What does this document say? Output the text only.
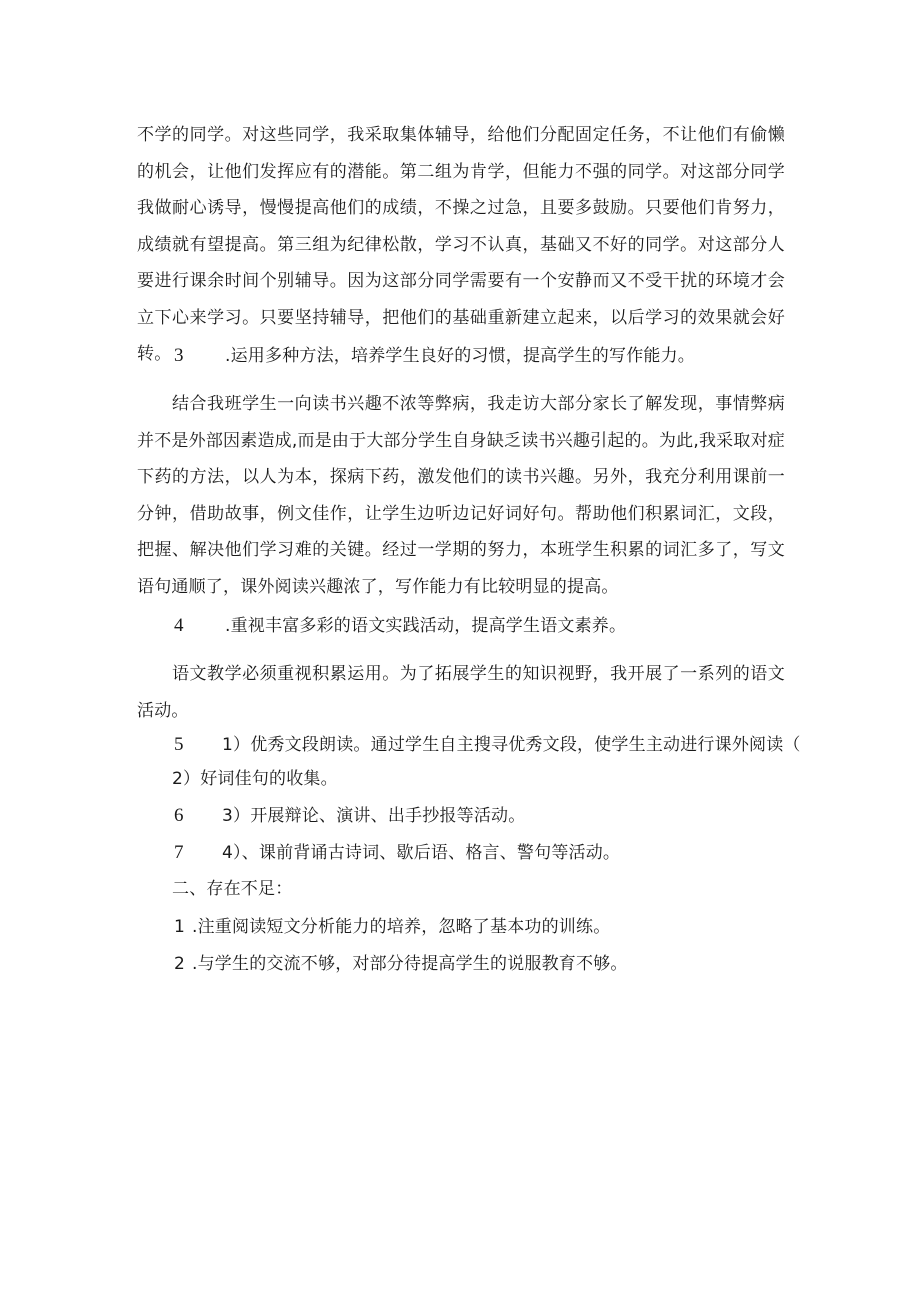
不学的同学。对这些同学，我采取集体辅导，给他们分配固定任务，不让他们有偷懒的机会，让他们发挥应有的潜能。第二组为肯学，但能力不强的同学。对这部分同学我做耐心诱导，慢慢提高他们的成绩，不操之过急，且要多鼓励。只要他们肯努力，成绩就有望提高。第三组为纪律松散，学习不认真，基础又不好的同学。对这部分人要进行课余时间个别辅导。因为这部分同学需要有一个安静而又不受干扰的环境才会立下心来学习。只要坚持辅导，把他们的基础重新建立起来，以后学习的效果就会好转。 3 .运用多种方法，培养学生良好的习惯，提高学生的写作能力。

结合我班学生一向读书兴趣不浓等弊病，我走访大部分家长了解发现，事情弊病并不是外部因素造成,而是由于大部分学生自身缺乏读书兴趣引起的。为此,我采取对症下药的方法，以人为本，探病下药，激发他们的读书兴趣。另外，我充分利用课前一分钟，借助故事，例文佳作，让学生边听边记好词好句。帮助他们积累词汇，文段，把握、解决他们学习难的关键。经过一学期的努力，本班学生积累的词汇多了，写文语句通顺了，课外阅读兴趣浓了，写作能力有比较明显的提高。

4 .重视丰富多彩的语文实践活动，提高学生语文素养。

语文教学必须重视积累运用。为了拓展学生的知识视野，我开展了一系列的语文活动。

5 1）优秀文段朗读。通过学生自主搜寻优秀文段，使学生主动进行课外阅读（
2）好词佳句的收集。
6 3）开展辩论、演讲、出手抄报等活动。
7 4）、课前背诵古诗词、歇后语、格言、警句等活动。
二、存在不足：
1 .注重阅读短文分析能力的培养，忽略了基本功的训练。
2 .与学生的交流不够，对部分待提高学生的说服教育不够。
